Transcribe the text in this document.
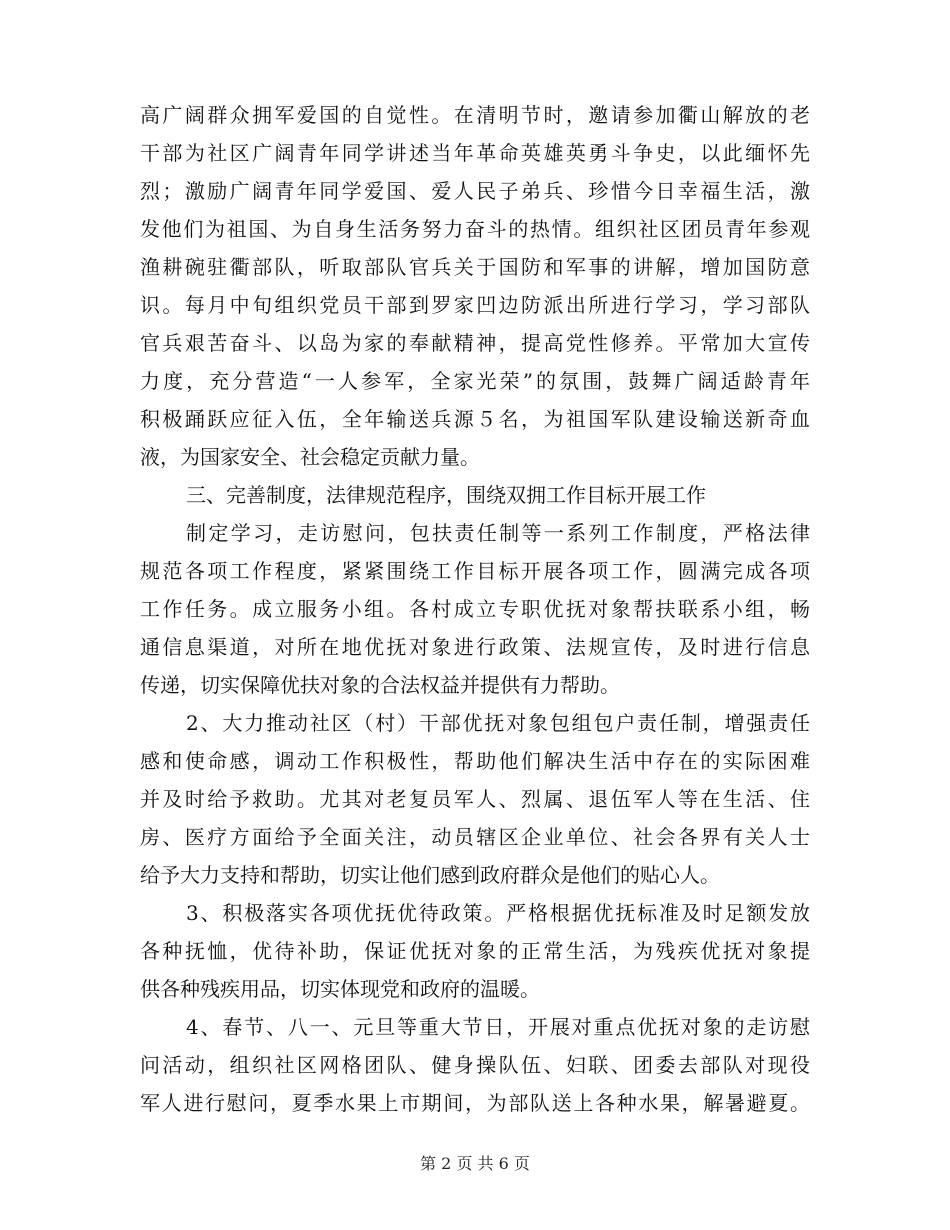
高广阔群众拥军爱国的自觉性。在清明节时，邀请参加衢山解放的老
干部为社区广阔青年同学讲述当年革命英雄英勇斗争史，以此缅怀先
烈；激励广阔青年同学爱国、爱人民子弟兵、珍惜今日幸福生活，激
发他们为祖国、为自身生活务努力奋斗的热情。组织社区团员青年参观
渔耕碗驻衢部队，听取部队官兵关于国防和军事的讲解，增加国防意
识。每月中旬组织党员干部到罗家凹边防派出所进行学习，学习部队
官兵艰苦奋斗、以岛为家的奉献精神，提高党性修养。平常加大宣传
力度，充分营造“一人参军，全家光荣”的氛围，鼓舞广阔适龄青年
积极踊跃应征入伍，全年输送兵源５名，为祖国军队建设输送新奇血
液，为国家安全、社会稳定贡献力量。
三、完善制度，法律规范程序，围绕双拥工作目标开展工作
制定学习，走访慰问，包扶责任制等一系列工作制度，严格法律
规范各项工作程度，紧紧围绕工作目标开展各项工作，圆满完成各项
工作任务。成立服务小组。各村成立专职优抚对象帮扶联系小组，畅
通信息渠道，对所在地优抚对象进行政策、法规宣传，及时进行信息
传递，切实保障优扶对象的合法权益并提供有力帮助。
2、大力推动社区（村）干部优抚对象包组包户责任制，增强责任
感和使命感，调动工作积极性，帮助他们解决生活中存在的实际困难
并及时给予救助。尤其对老复员军人、烈属、退伍军人等在生活、住
房、医疗方面给予全面关注，动员辖区企业单位、社会各界有关人士
给予大力支持和帮助，切实让他们感到政府群众是他们的贴心人。
3、积极落实各项优抚优待政策。严格根据优抚标准及时足额发放
各种抚恤，优待补助，保证优抚对象的正常生活，为残疾优抚对象提
供各种残疾用品，切实体现党和政府的温暖。
4、春节、八一、元旦等重大节日，开展对重点优抚对象的走访慰
问活动，组织社区网格团队、健身操队伍、妇联、团委去部队对现役
军人进行慰问，夏季水果上市期间，为部队送上各种水果，解暑避夏。
第 2 页 共 6 页
